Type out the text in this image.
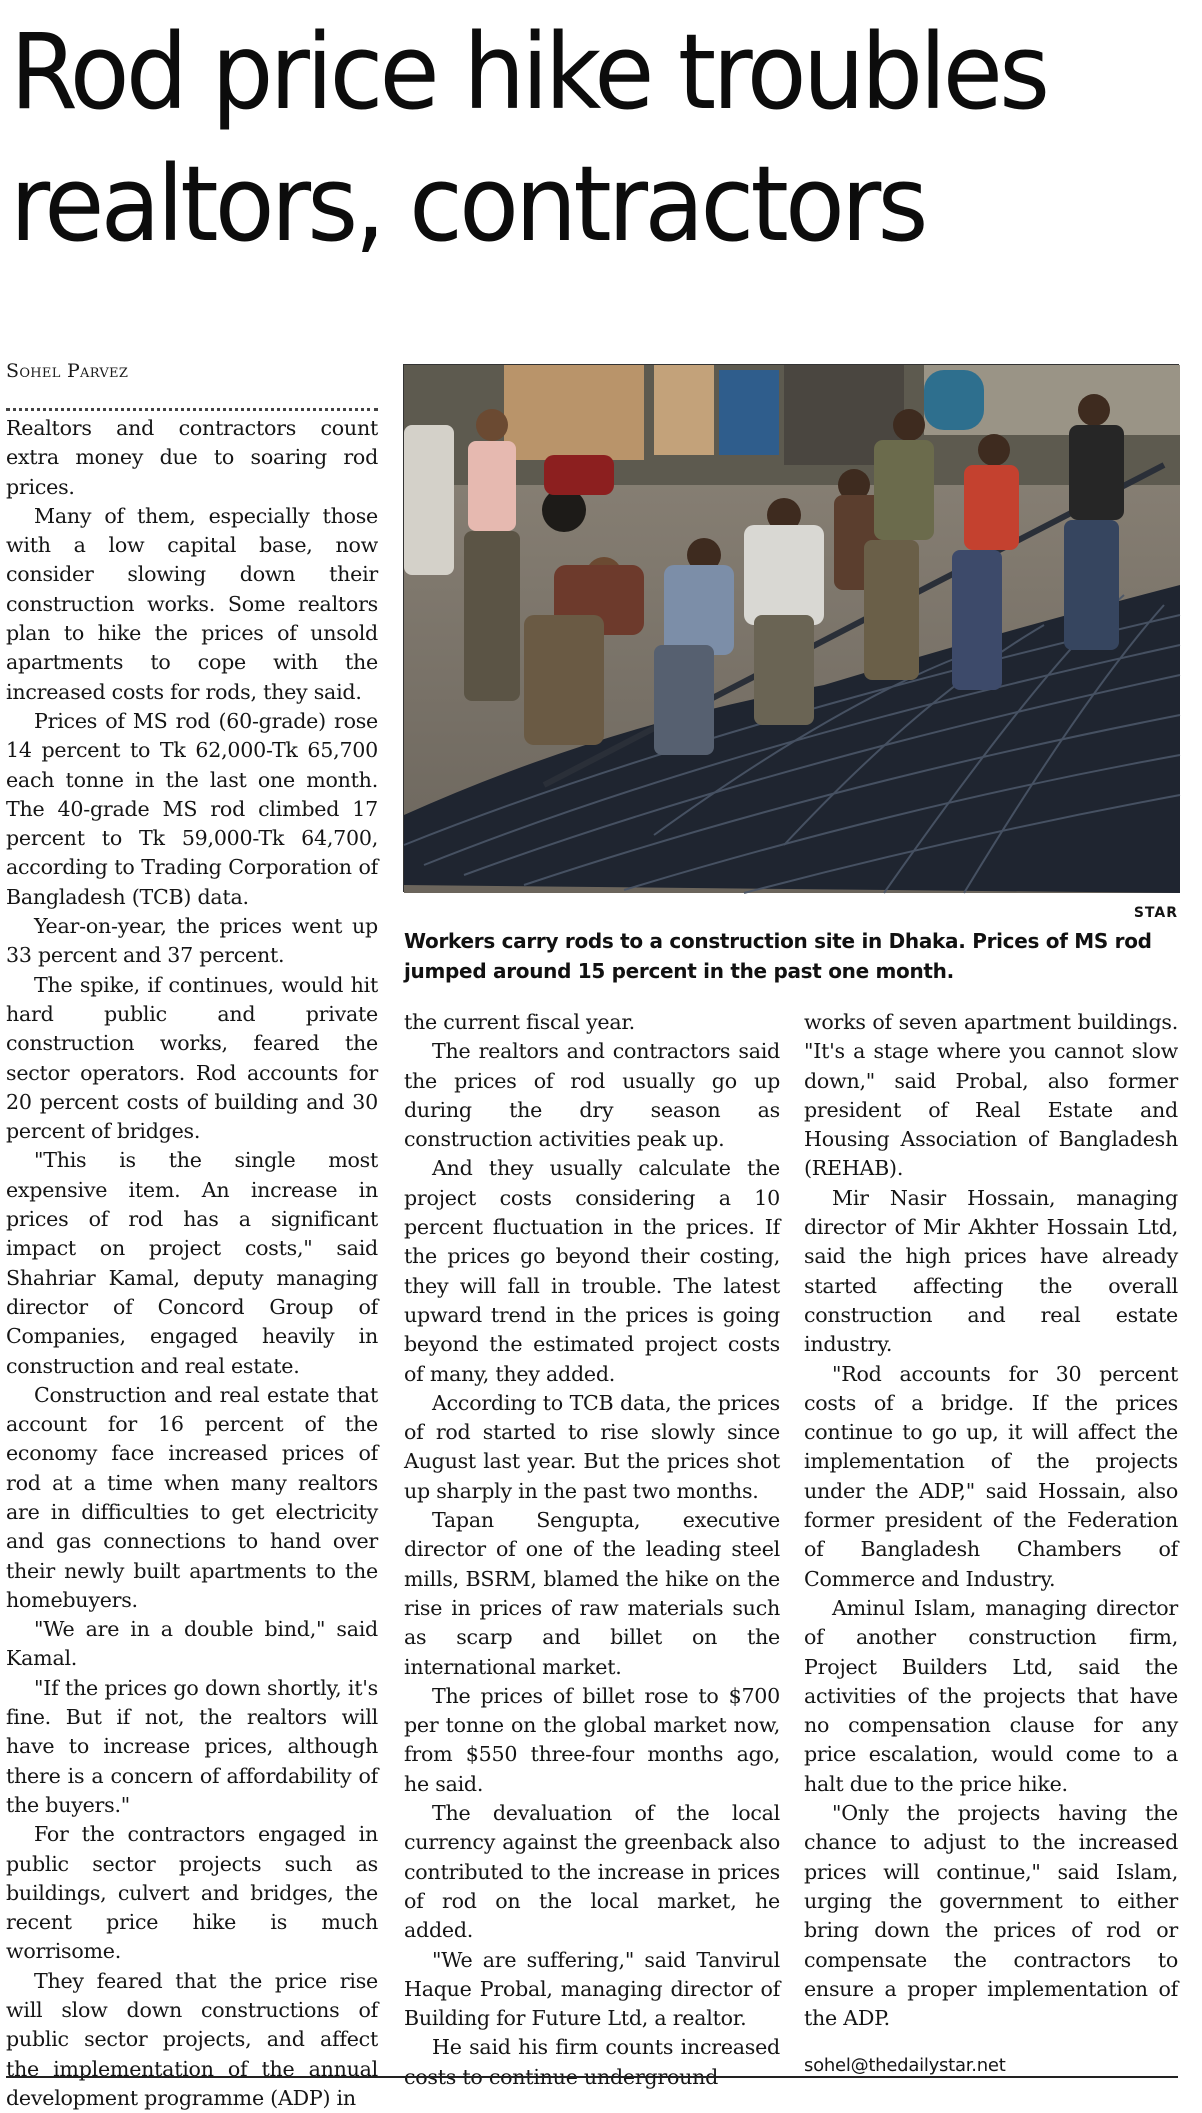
Rod price hike troubles
realtors, contractors
Sohel Parvez

Realtors and contractors count extra money due to soaring rod prices.

Many of them, especially those with a low capital base, now consider slowing down their construction works. Some realtors plan to hike the prices of unsold apartments to cope with the increased costs for rods, they said.

Prices of MS rod (60-grade) rose 14 percent to Tk 62,000-Tk 65,700 each tonne in the last one month. The 40-grade MS rod climbed 17 percent to Tk 59,000-Tk 64,700, according to Trading Corporation of Bangladesh (TCB) data.

Year-on-year, the prices went up 33 percent and 37 percent.

The spike, if continues, would hit hard public and private construction works, feared the sector operators. Rod accounts for 20 percent costs of building and 30 percent of bridges.

"This is the single most expensive item. An increase in prices of rod has a significant impact on project costs," said Shahriar Kamal, deputy managing director of Concord Group of Companies, engaged heavily in construction and real estate.

Construction and real estate that account for 16 percent of the economy face increased prices of rod at a time when many realtors are in difficulties to get electricity and gas connections to hand over their newly built apartments to the homebuyers.

"We are in a double bind," said Kamal.

"If the prices go down shortly, it's fine. But if not, the realtors will have to increase prices, although there is a concern of affordability of the buyers."

For the contractors engaged in public sector projects such as buildings, culvert and bridges, the recent price hike is much worrisome.

They feared that the price rise will slow down constructions of public sector projects, and affect the implementation of the annual development programme (ADP) in

STAR
Workers carry rods to a construction site in Dhaka. Prices of MS rod jumped around 15 percent in the past one month.

the current fiscal year.

The realtors and contractors said the prices of rod usually go up during the dry season as construction activities peak up.

And they usually calculate the project costs considering a 10 percent fluctuation in the prices. If the prices go beyond their costing, they will fall in trouble. The latest upward trend in the prices is going beyond the estimated project costs of many, they added.

According to TCB data, the prices of rod started to rise slowly since August last year. But the prices shot up sharply in the past two months.

Tapan Sengupta, executive director of one of the leading steel mills, BSRM, blamed the hike on the rise in prices of raw materials such as scarp and billet on the international market.

The prices of billet rose to $700 per tonne on the global market now, from $550 three-four months ago, he said.

The devaluation of the local currency against the greenback also contributed to the increase in prices of rod on the local market, he added.

"We are suffering," said Tanvirul Haque Probal, managing director of Building for Future Ltd, a realtor.

He said his firm counts increased costs to continue underground

works of seven apartment buildings. "It's a stage where you cannot slow down," said Probal, also former president of Real Estate and Housing Association of Bangladesh (REHAB).

Mir Nasir Hossain, managing director of Mir Akhter Hossain Ltd, said the high prices have already started affecting the overall construction and real estate industry.

"Rod accounts for 30 percent costs of a bridge. If the prices continue to go up, it will affect the implementation of the projects under the ADP," said Hossain, also former president of the Federation of Bangladesh Chambers of Commerce and Industry.

Aminul Islam, managing director of another construction firm, Project Builders Ltd, said the activities of the projects that have no compensation clause for any price escalation, would come to a halt due to the price hike.

"Only the projects having the chance to adjust to the increased prices will continue," said Islam, urging the government to either bring down the prices of rod or compensate the contractors to ensure a proper implementation of the ADP.

sohel@thedailystar.net
